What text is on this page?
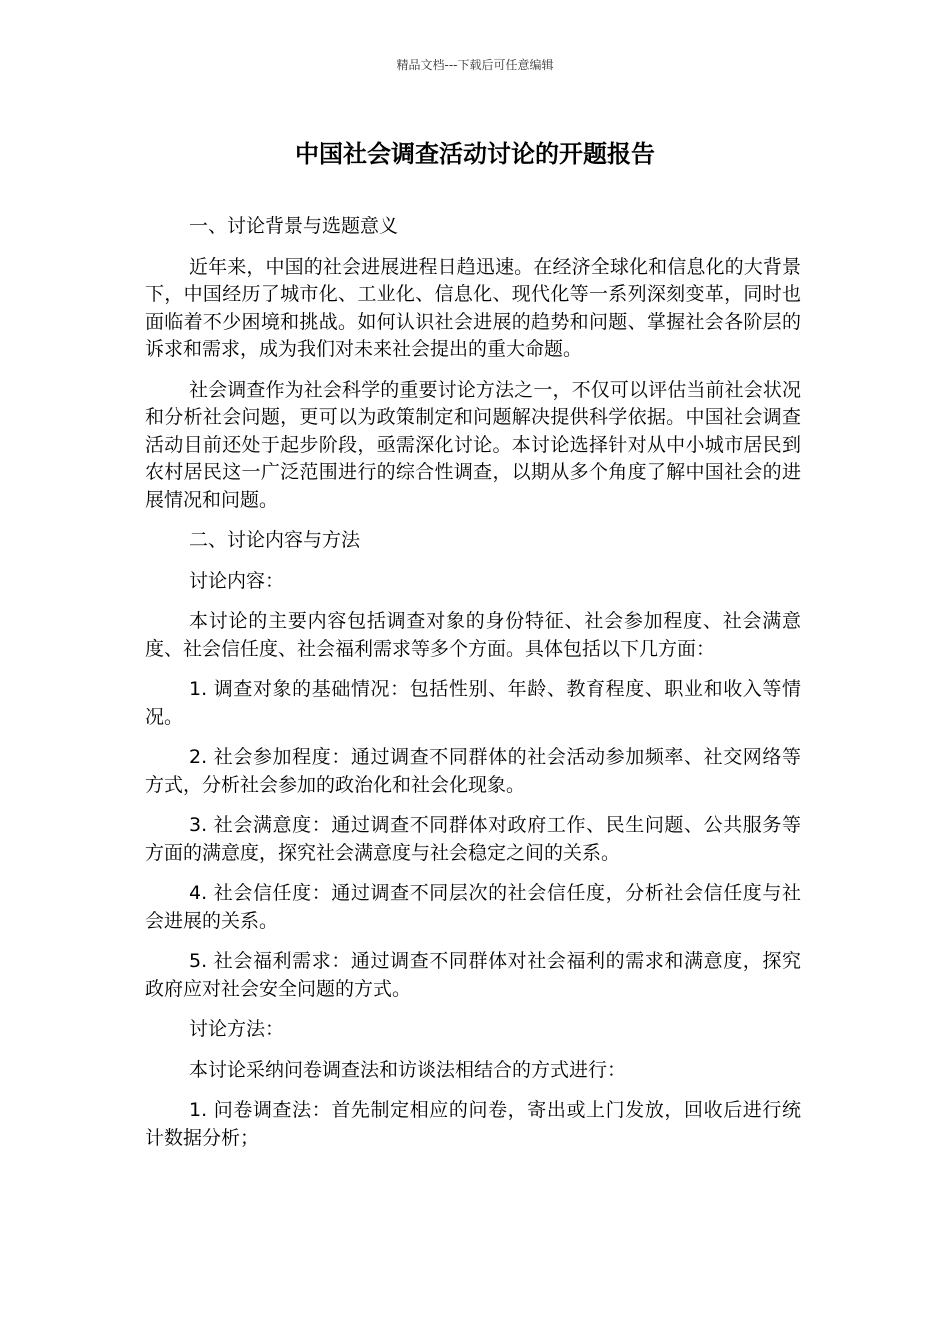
精品文档---下载后可任意编辑
中国社会调查活动讨论的开题报告

一、讨论背景与选题意义

近年来，中国的社会进展进程日趋迅速。在经济全球化和信息化的大背景下，中国经历了城市化、工业化、信息化、现代化等一系列深刻变革，同时也面临着不少困境和挑战。如何认识社会进展的趋势和问题、掌握社会各阶层的诉求和需求，成为我们对未来社会提出的重大命题。

社会调查作为社会科学的重要讨论方法之一，不仅可以评估当前社会状况和分析社会问题，更可以为政策制定和问题解决提供科学依据。中国社会调查活动目前还处于起步阶段，亟需深化讨论。本讨论选择针对从中小城市居民到农村居民这一广泛范围进行的综合性调查，以期从多个角度了解中国社会的进展情况和问题。

二、讨论内容与方法

讨论内容：

本讨论的主要内容包括调查对象的身份特征、社会参加程度、社会满意度、社会信任度、社会福利需求等多个方面。具体包括以下几方面：

1. 调查对象的基础情况：包括性别、年龄、教育程度、职业和收入等情况。

2. 社会参加程度：通过调查不同群体的社会活动参加频率、社交网络等方式，分析社会参加的政治化和社会化现象。

3. 社会满意度：通过调查不同群体对政府工作、民生问题、公共服务等方面的满意度，探究社会满意度与社会稳定之间的关系。

4. 社会信任度：通过调查不同层次的社会信任度，分析社会信任度与社会进展的关系。

5. 社会福利需求：通过调查不同群体对社会福利的需求和满意度，探究政府应对社会安全问题的方式。

讨论方法：

本讨论采纳问卷调查法和访谈法相结合的方式进行：

1. 问卷调查法：首先制定相应的问卷，寄出或上门发放，回收后进行统计数据分析；
